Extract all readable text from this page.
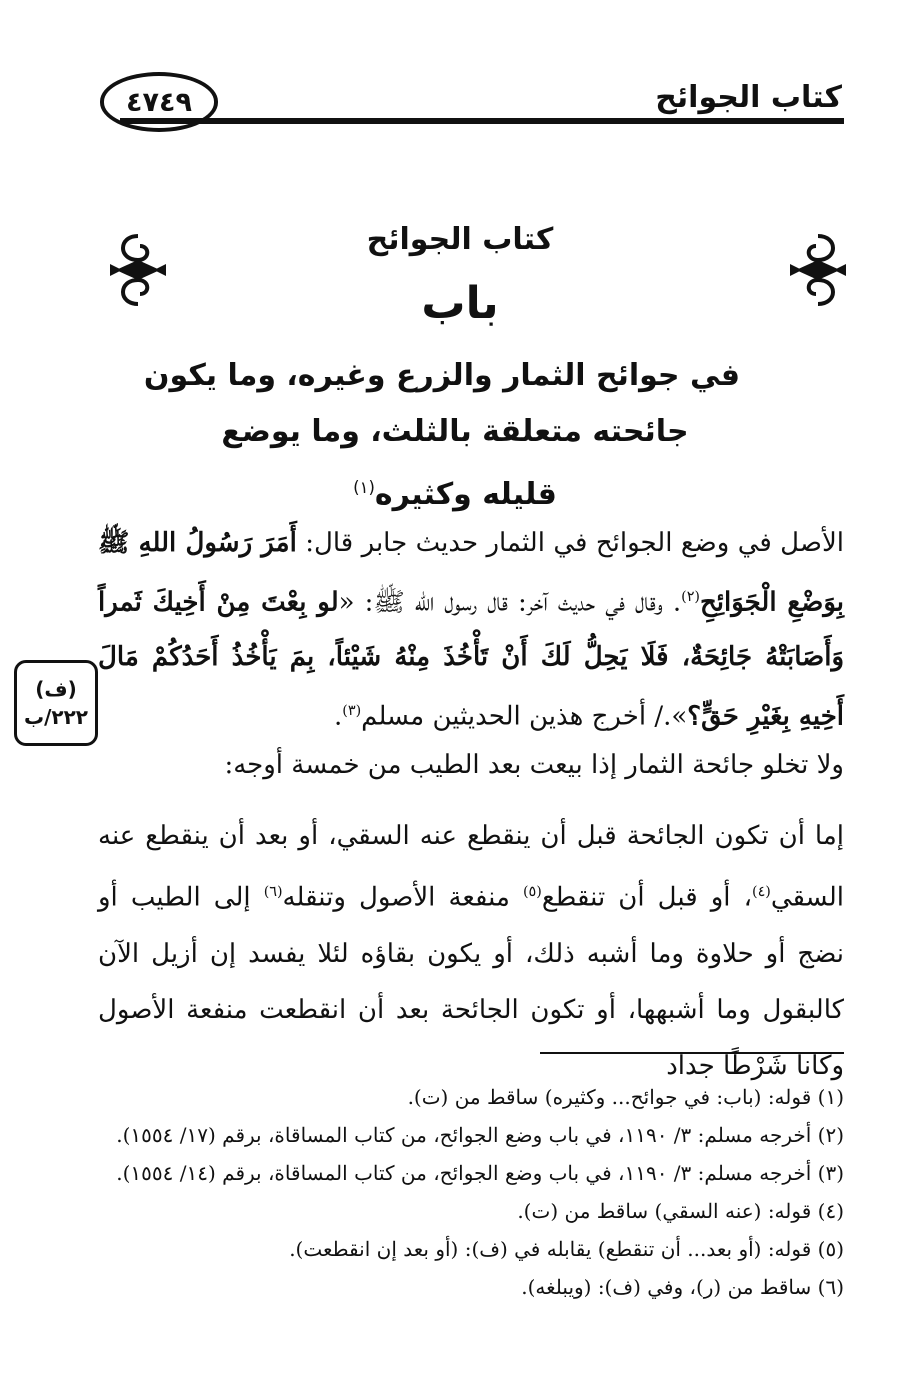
٤٧٤٩	كتاب الجوائح
كتاب الجوائح
باب
في جوائح الثمار والزرع وغيره، وما يكون
جائحته متعلقة بالثلث، وما يوضع
قليله وكثيره$^{(١)}$
الأصل في وضع الجوائح في الثمار حديث جابر قال: أَمَرَ رَسُولُ اللهِ ﷺ بِوَضْعِ الْجَوَائِحِ$^{(٢)}$. وقال في حديث آخر: قال رسول الله ﷺ: «لو بِعْتَ مِنْ أَخِيكَ ثَمراً وَأَصَابَتْهُ جَائِحَةٌ، فَلَا يَحِلُّ لَكَ أَنْ تَأْخُذَ مِنْهُ شَيْئاً، بِمَ يَأْخُذُ أَحَدُكُمْ مَالَ أَخِيهِ بِغَيْرِ حَقٍّ؟»./ أخرج هذين الحديثين مسلم$^{(٣)}$.
(ف)
٢٢٢/ب
ولا تخلو جائحة الثمار إذا بيعت بعد الطيب من خمسة أوجه:
إما أن تكون الجائحة قبل أن ينقطع عنه السقي، أو بعد أن ينقطع عنه السقي$^{(٤)}$، أو قبل أن تنقطع$^{(٥)}$ منفعة الأصول وتنقله$^{(٦)}$ إلى الطيب أو نضج أو حلاوة وما أشبه ذلك، أو يكون بقاؤه لئلا يفسد إن أزيل الآن كالبقول وما أشبهها، أو تكون الجائحة بعد أن انقطعت منفعة الأصول وكانا شَرْطًا جداد
(١) قوله: (باب: في جوائح... وكثيره) ساقط من (ت).
(٢) أخرجه مسلم: ٣/ ١١٩٠، في باب وضع الجوائح، من كتاب المساقاة، برقم (١٧/ ١٥٥٤).
(٣) أخرجه مسلم: ٣/ ١١٩٠، في باب وضع الجوائح، من كتاب المساقاة، برقم (١٤/ ١٥٥٤).
(٤) قوله: (عنه السقي) ساقط من (ت).
(٥) قوله: (أو بعد... أن تنقطع) يقابله في (ف): (أو بعد إن انقطعت).
(٦) ساقط من (ر)، وفي (ف): (ويبلغه).
